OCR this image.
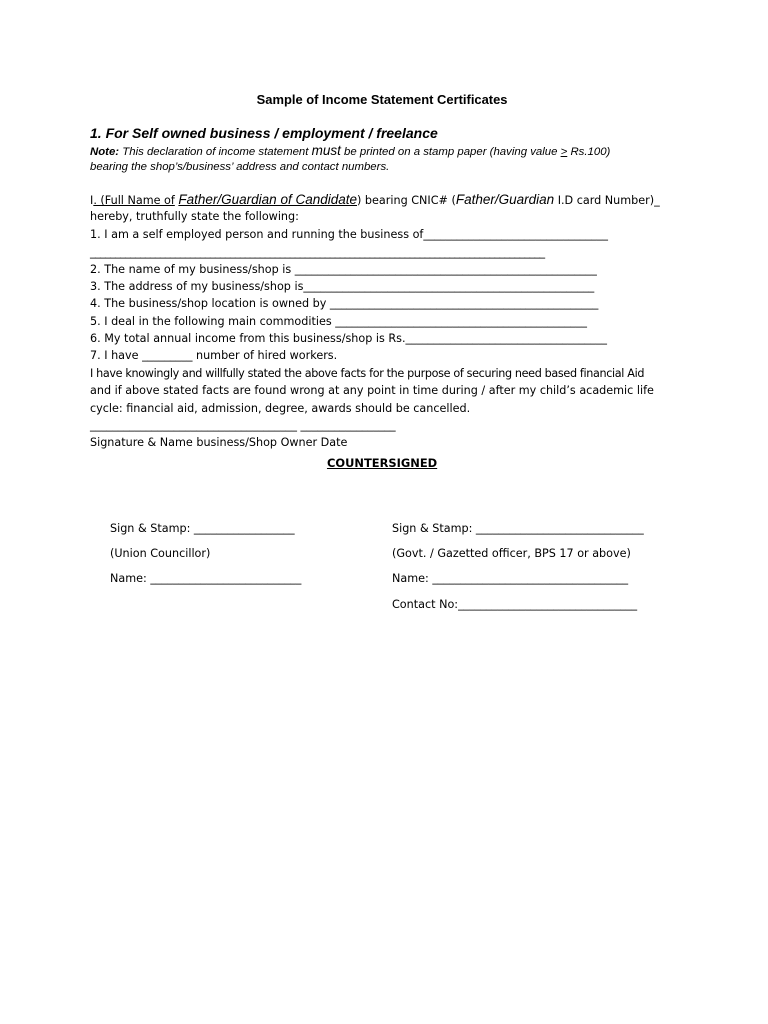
Sample of Income Statement Certificates
1. For Self owned business / employment / freelance
Note: This declaration of income statement must be printed on a stamp paper (having value > Rs.100)
bearing the shop’s/business’ address and contact numbers.
I. (Full Name of Father/Guardian of Candidate) bearing CNIC# (Father/Guardian I.D card Number)_
hereby, truthfully state the following:
1. I am a self employed person and running the business of_________________________________
___________________________________________________________________________________________
2. The name of my business/shop is ______________________________________________________
3. The address of my business/shop is____________________________________________________
4. The business/shop location is owned by ________________________________________________
5. I deal in the following main commodities _____________________________________________
6. My total annual income from this business/shop is Rs.____________________________________
7. I have _________ number of hired workers.
I have knowingly and willfully stated the above facts for the purpose of securing need based financial Aid
and if above stated facts are found wrong at any point in time during / after my child’s academic life
cycle: financial aid, admission, degree, awards should be cancelled.
_____________________________________ _________________
Signature & Name business/Shop Owner Date
COUNTERSIGNED
Sign & Stamp: __________________
(Union Councillor)
Name: ___________________________
Sign & Stamp: ______________________________
(Govt. / Gazetted officer, BPS 17 or above)
Name: ___________________________________
Contact No:________________________________
